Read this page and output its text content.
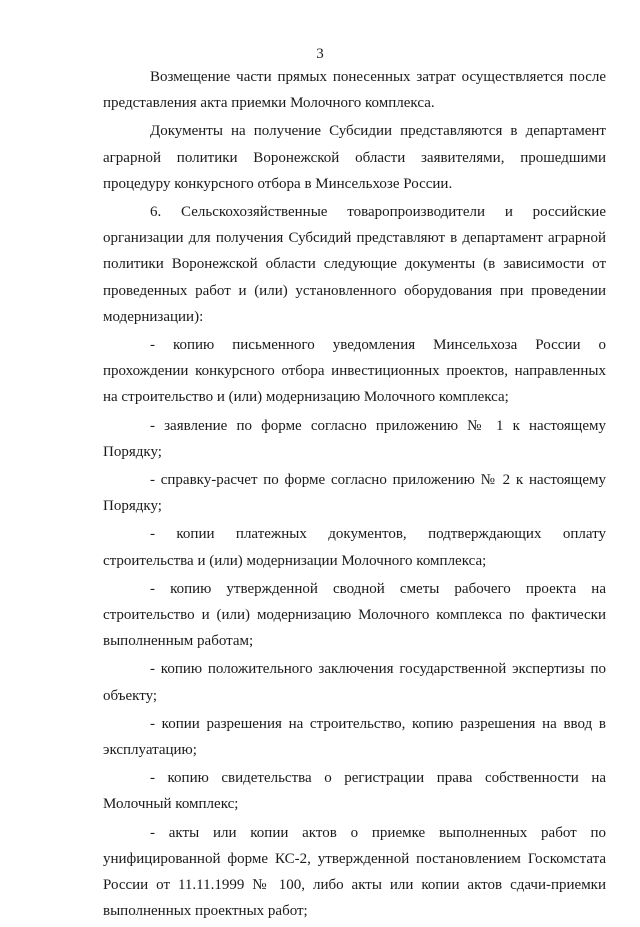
3

Возмещение части прямых понесенных затрат осуществляется после представления акта приемки Молочного комплекса.

Документы на получение Субсидии представляются в департамент аграрной политики Воронежской области заявителями, прошедшими процедуру конкурсного отбора в Минсельхозе России.

6. Сельскохозяйственные товаропроизводители и российские организации для получения Субсидий представляют в департамент аграрной политики Воронежской области следующие документы (в зависимости от проведенных работ и (или) установленного оборудования при проведении модернизации):

- копию письменного уведомления Минсельхоза России о прохождении конкурсного отбора инвестиционных проектов, направленных на строительство и (или) модернизацию Молочного комплекса;

- заявление по форме согласно приложению № 1 к настоящему Порядку;

- справку-расчет по форме согласно приложению № 2 к настоящему Порядку;

- копии платежных документов, подтверждающих оплату строительства и (или) модернизации Молочного комплекса;

- копию утвержденной сводной сметы рабочего проекта на строительство и (или) модернизацию Молочного комплекса по фактически выполненным работам;

- копию положительного заключения государственной экспертизы по объекту;

- копии разрешения на строительство, копию разрешения на ввод в эксплуатацию;

- копию свидетельства о регистрации права собственности на Молочный комплекс;

- акты или копии актов о приемке выполненных работ по унифицированной форме КС-2, утвержденной постановлением Госкомстата России от 11.11.1999 № 100, либо акты или копии актов сдачи-приемки выполненных проектных работ;
